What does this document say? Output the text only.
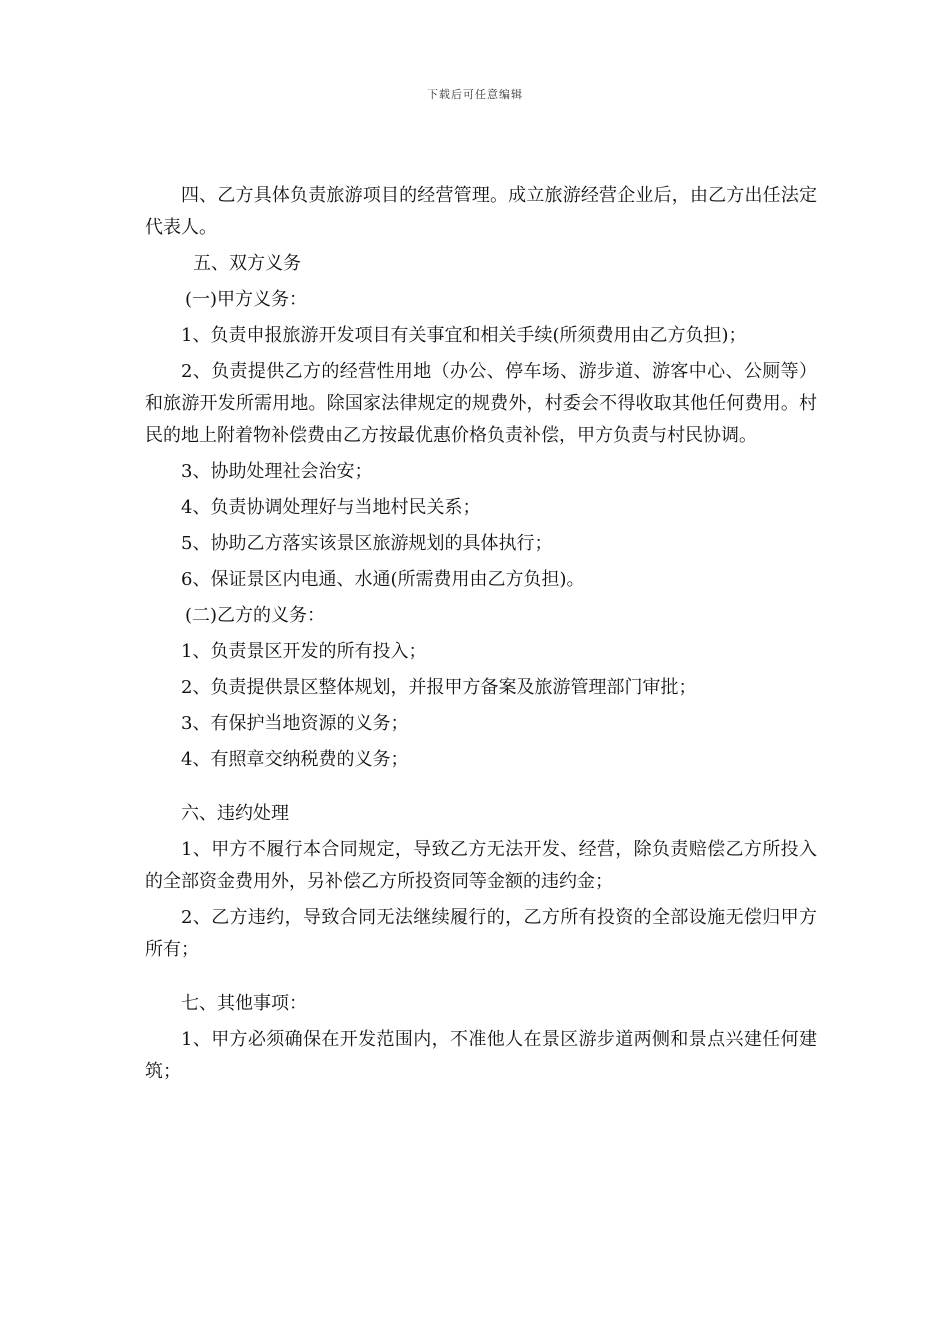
下载后可任意编辑

四、乙方具体负责旅游项目的经营管理。成立旅游经营企业后，由乙方出任法定代表人。

五、双方义务

(一)甲方义务：

1、负责申报旅游开发项目有关事宜和相关手续(所须费用由乙方负担)；

2、负责提供乙方的经营性用地（办公、停车场、游步道、游客中心、公厕等）和旅游开发所需用地。除国家法律规定的规费外，村委会不得收取其他任何费用。村民的地上附着物补偿费由乙方按最优惠价格负责补偿，甲方负责与村民协调。

3、协助处理社会治安；

4、负责协调处理好与当地村民关系；

5、协助乙方落实该景区旅游规划的具体执行；

6、保证景区内电通、水通(所需费用由乙方负担)。

(二)乙方的义务：

1、负责景区开发的所有投入；

2、负责提供景区整体规划，并报甲方备案及旅游管理部门审批；

3、有保护当地资源的义务；

4、有照章交纳税费的义务；

六、违约处理

1、甲方不履行本合同规定，导致乙方无法开发、经营，除负责赔偿乙方所投入的全部资金费用外，另补偿乙方所投资同等金额的违约金；

2、乙方违约，导致合同无法继续履行的，乙方所有投资的全部设施无偿归甲方所有；

七、其他事项：

1、甲方必须确保在开发范围内，不准他人在景区游步道两侧和景点兴建任何建筑；
